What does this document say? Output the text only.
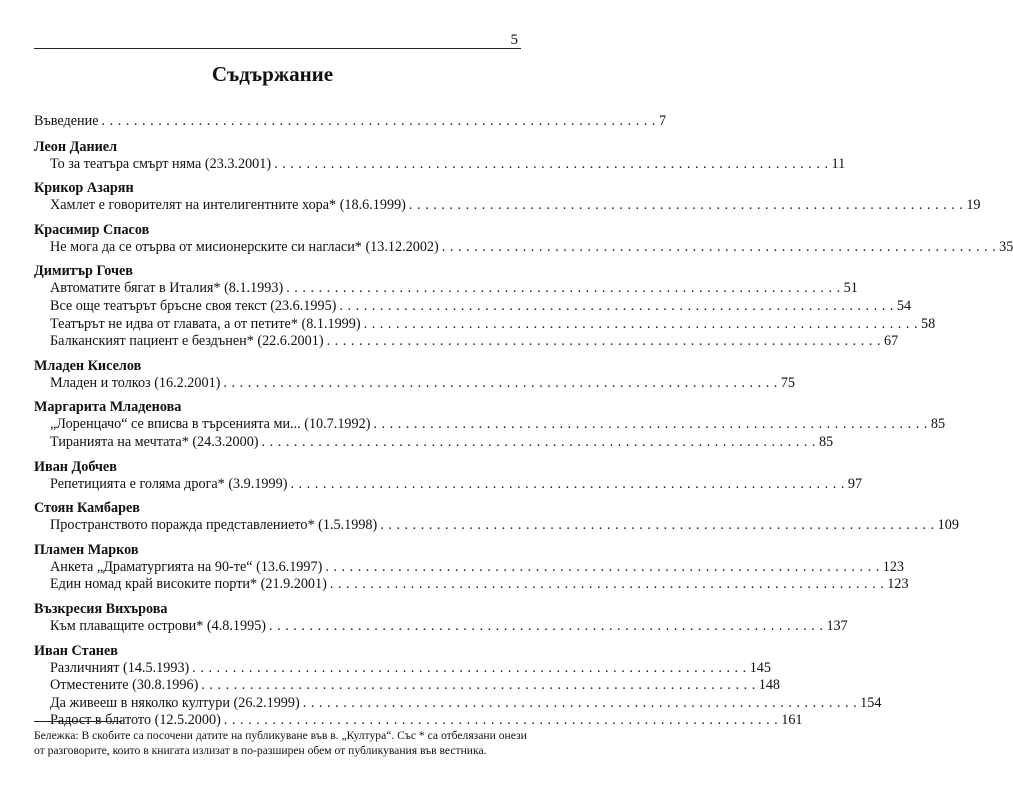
5
Съдържание
Въведение . . . . . . . . . . . . . . . . . . . . . . . . . . . . . . . . . . . . . . . . . . . . . . . . . . . . . . . . . . . . . . . . . . . . . 7
Леон Даниел
То за театъра смърт няма (23.3.2001) . . . . . . . . . . . . . . . . . . . . . . . . . . . . . . . . . . . . . . . . . . . . . . . . . . . . . . . . . . . . . . . . . . . . . 11
Крикор Азарян
Хамлет е говорителят на интелигентните хора* (18.6.1999) . . . . . . . . . . . . . . . . . . . . . . . . . . . . . . . . . . . . . . . . . . . . . . . . . . . . . . . . . . . . . . . . . . . . . 19
Красимир Спасов
Не мога да се отърва от мисионерските си нагласи* (13.12.2002) . . . . . . . . . . . . . . . . . . . . . . . . . . . . . . . . . . . . . . . . . . . . . . . . . . . . . . . . . . . . . . . . . . . . . 35
Димитър Гочев
Автоматите бягат в Италия* (8.1.1993) . . . . . . . . . . . . . . . . . . . . . . . . . . . . . . . . . . . . . . . . . . . . . . . . . . . . . . . . . . . . . . . . . . . . . 51
Все още театърът бръсне своя текст (23.6.1995) . . . . . . . . . . . . . . . . . . . . . . . . . . . . . . . . . . . . . . . . . . . . . . . . . . . . . . . . . . . . . . . . . . . . . 54
Театърът не идва от главата, а от петите* (8.1.1999) . . . . . . . . . . . . . . . . . . . . . . . . . . . . . . . . . . . . . . . . . . . . . . . . . . . . . . . . . . . . . . . . . . . . . 58
Балканският пациент е бездънен* (22.6.2001) . . . . . . . . . . . . . . . . . . . . . . . . . . . . . . . . . . . . . . . . . . . . . . . . . . . . . . . . . . . . . . . . . . . . . 67
Младен Киселов
Младен и толкоз (16.2.2001) . . . . . . . . . . . . . . . . . . . . . . . . . . . . . . . . . . . . . . . . . . . . . . . . . . . . . . . . . . . . . . . . . . . . . 75
Маргарита Младенова
„Лоренцачо“ се вписва в търсенията ми... (10.7.1992) . . . . . . . . . . . . . . . . . . . . . . . . . . . . . . . . . . . . . . . . . . . . . . . . . . . . . . . . . . . . . . . . . . . . . 85
Тиранията на мечтата* (24.3.2000) . . . . . . . . . . . . . . . . . . . . . . . . . . . . . . . . . . . . . . . . . . . . . . . . . . . . . . . . . . . . . . . . . . . . . 85
Иван Добчев
Репетицията е голяма дрога* (3.9.1999) . . . . . . . . . . . . . . . . . . . . . . . . . . . . . . . . . . . . . . . . . . . . . . . . . . . . . . . . . . . . . . . . . . . . . 97
Стоян Камбарев
Пространството поражда представлението* (1.5.1998) . . . . . . . . . . . . . . . . . . . . . . . . . . . . . . . . . . . . . . . . . . . . . . . . . . . . . . . . . . . . . . . . . . . . . 109
Пламен Марков
Анкета „Драматургията на 90-те“ (13.6.1997) . . . . . . . . . . . . . . . . . . . . . . . . . . . . . . . . . . . . . . . . . . . . . . . . . . . . . . . . . . . . . . . . . . . . . 123
Един номад край високите порти* (21.9.2001) . . . . . . . . . . . . . . . . . . . . . . . . . . . . . . . . . . . . . . . . . . . . . . . . . . . . . . . . . . . . . . . . . . . . . 123
Възкресия Вихърова
Към плаващите острови* (4.8.1995) . . . . . . . . . . . . . . . . . . . . . . . . . . . . . . . . . . . . . . . . . . . . . . . . . . . . . . . . . . . . . . . . . . . . . 137
Иван Станев
Различният (14.5.1993) . . . . . . . . . . . . . . . . . . . . . . . . . . . . . . . . . . . . . . . . . . . . . . . . . . . . . . . . . . . . . . . . . . . . . 145
Отместените (30.8.1996) . . . . . . . . . . . . . . . . . . . . . . . . . . . . . . . . . . . . . . . . . . . . . . . . . . . . . . . . . . . . . . . . . . . . . 148
Да живееш в няколко култури (26.2.1999) . . . . . . . . . . . . . . . . . . . . . . . . . . . . . . . . . . . . . . . . . . . . . . . . . . . . . . . . . . . . . . . . . . . . . 154
Радост в блатото (12.5.2000) . . . . . . . . . . . . . . . . . . . . . . . . . . . . . . . . . . . . . . . . . . . . . . . . . . . . . . . . . . . . . . . . . . . . . 161
Бележка: В скобите са посочени датите на публикуване във в. „Култура“. Със * са отбелязани онези от разговорите, които в книгата излизат в по-разширен обем от публикувания във вестника.
